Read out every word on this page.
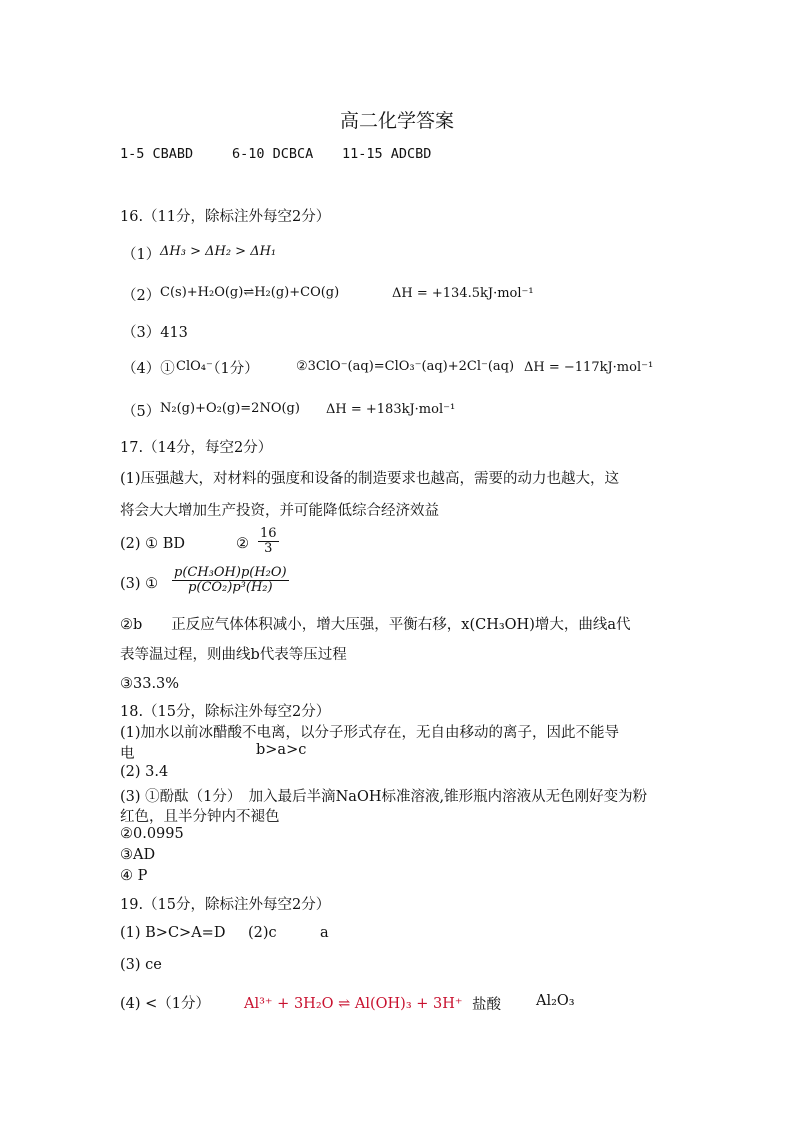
高二化学答案
1-5 CBABD	6-10 DCBCA 11-15 ADCBD
16.（11分，除标注外每空2分）
（1） ΔH₃ > ΔH₂ > ΔH₁
（2） C(s)+H₂O(g)⇌H₂(g)+CO(g)	ΔH = +134.5kJ·mol⁻¹
（3）413
（4）① ClO₄⁻
（1分）	②3ClO⁻(aq)=ClO₃⁻(aq)+2Cl⁻(aq) ΔH = −117kJ·mol⁻¹
（5） N₂(g)+O₂(g)=2NO(g) ΔH = +183kJ·mol⁻¹
17.（14分，每空2分）
(1)压强越大，对材料的强度和设备的制造要求也越高，需要的动力也越大，这
将会大大增加生产投资，并可能降低综合经济效益
(2) ① BD	② $\frac{16}{3}$
(3) ① $\frac{\text{p(CH₃OH)p(H₂O)}}{\text{p(CO₂)p³(H₂)}}$
②b　　正反应气体体积减小，增大压强，平衡右移，x(CH₃OH)增大，曲线a代
表等温过程，则曲线b代表等压过程
③33.3%
18.（15分，除标注外每空2分）
(1)加水以前冰醋酸不电离，以分子形式存在，无自由移动的离子，因此不能导
电	b>a>c
(2) 3.4
(3) ①酚酞（1分）　加入最后半滴NaOH标准溶液,锥形瓶内溶液从无色刚好变为粉
红色，且半分钟内不褪色
②0.0995
③AD
④ P
19.（15分，除标注外每空2分）
(1) B>C>A=D (2)c	a
(3) ce
(4) <（1分） Al³⁺ + 3H₂O ⇌ Al(OH)₃ + 3H⁺ 盐酸 Al₂O₃
